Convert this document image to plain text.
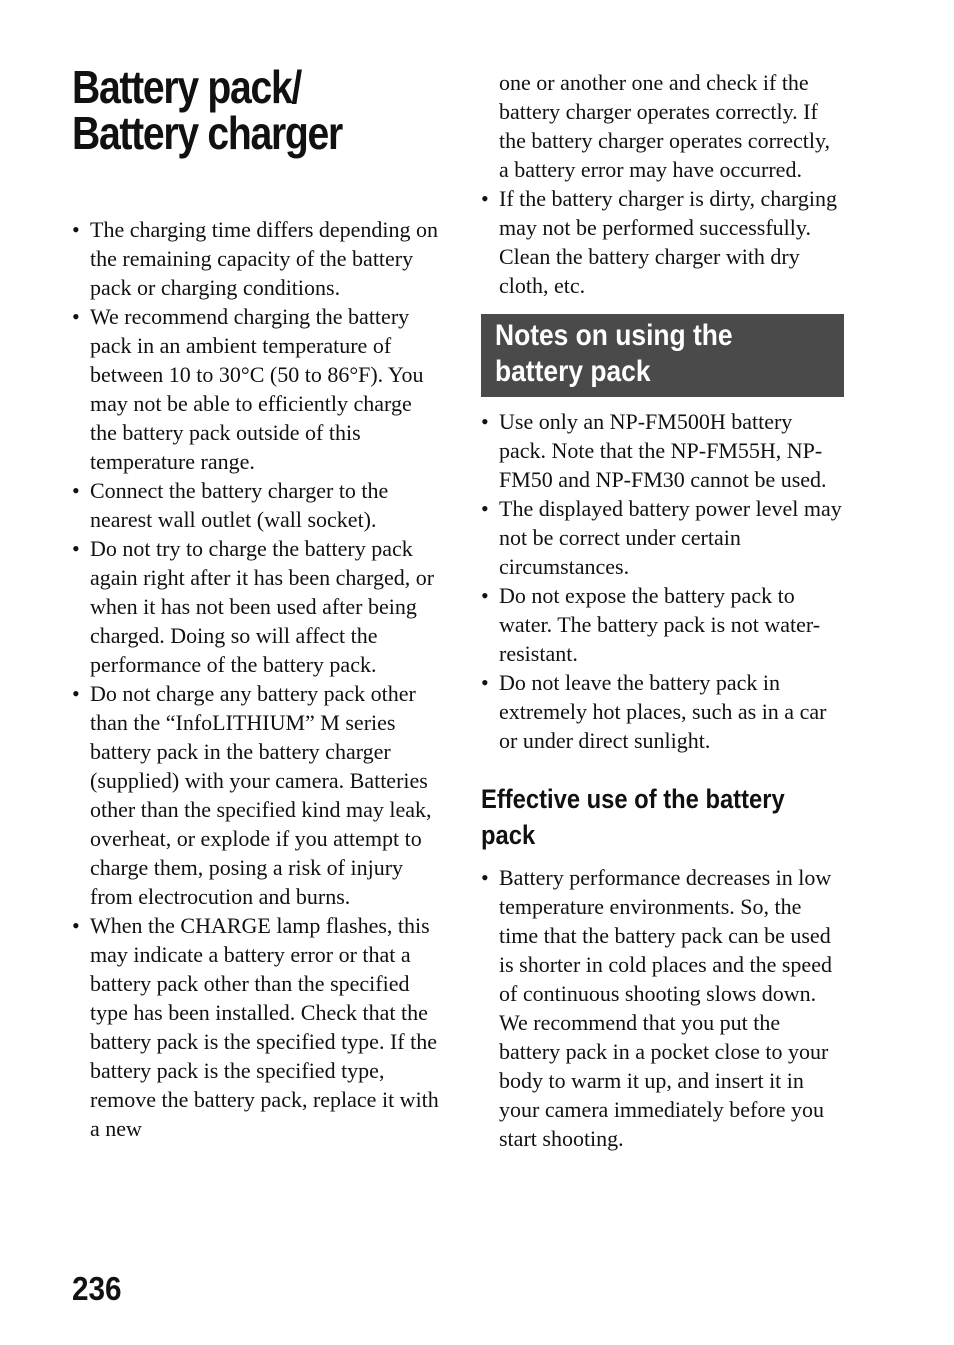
Battery pack/
Battery charger
• The charging time differs depending on the remaining capacity of the battery pack or charging conditions.
• We recommend charging the battery pack in an ambient temperature of between 10 to 30°C (50 to 86°F). You may not be able to efficiently charge the battery pack outside of this temperature range.
• Connect the battery charger to the nearest wall outlet (wall socket).
• Do not try to charge the battery pack again right after it has been charged, or when it has not been used after being charged. Doing so will affect the performance of the battery pack.
• Do not charge any battery pack other than the “InfoLITHIUM” M series battery pack in the battery charger (supplied) with your camera. Batteries other than the specified kind may leak, overheat, or explode if you attempt to charge them, posing a risk of injury from electrocution and burns.
• When the CHARGE lamp flashes, this may indicate a battery error or that a battery pack other than the specified type has been installed. Check that the battery pack is the specified type. If the battery pack is the specified type, remove the battery pack, replace it with a new

one or another one and check if the battery charger operates correctly. If the battery charger operates correctly, a battery error may have occurred.

• If the battery charger is dirty, charging may not be performed successfully. Clean the battery charger with dry cloth, etc.
Notes on using the
battery pack
• Use only an NP-FM500H battery pack. Note that the NP-FM55H, NP-FM50 and NP-FM30 cannot be used.
• The displayed battery power level may not be correct under certain circumstances.
• Do not expose the battery pack to water. The battery pack is not water-resistant.
• Do not leave the battery pack in extremely hot places, such as in a car or under direct sunlight.
Effective use of the battery
pack
• Battery performance decreases in low temperature environments. So, the time that the battery pack can be used is shorter in cold places and the speed of continuous shooting slows down. We recommend that you put the battery pack in a pocket close to your body to warm it up, and insert it in your camera immediately before you start shooting.
236
